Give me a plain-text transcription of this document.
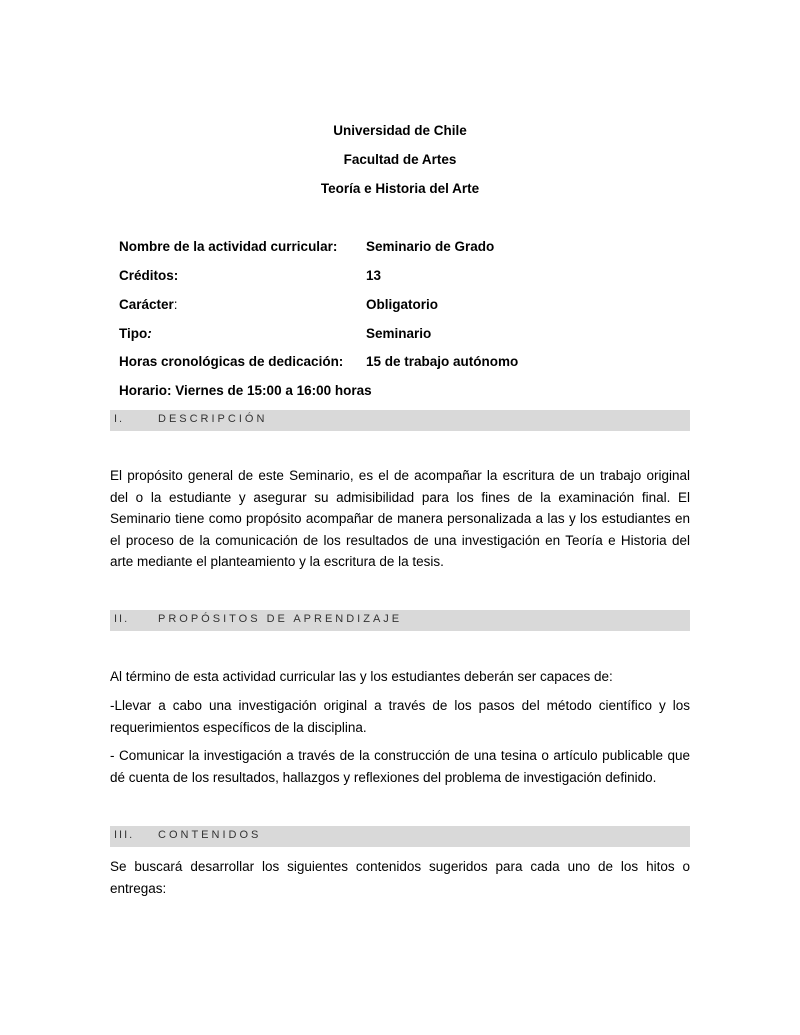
Universidad de Chile
Facultad de Artes
Teoría e Historia del Arte
Nombre de la actividad curricular: Seminario de Grado
Créditos:	13
Carácter:	Obligatorio
Tipo:	Seminario
Horas cronológicas de dedicación: 15 de trabajo autónomo
Horario: Viernes de 15:00 a 16:00 horas
I.	DESCRIPCIÓN
El propósito general de este Seminario, es el de acompañar la escritura de un trabajo original del o la estudiante y asegurar su admisibilidad para los fines de la examinación final. El Seminario tiene como propósito acompañar de manera personalizada a las y los estudiantes en el proceso de la comunicación de los resultados de una investigación en Teoría e Historia del arte mediante el planteamiento y la escritura de la tesis.
II.	PROPÓSITOS DE APRENDIZAJE
Al término de esta actividad curricular las y los estudiantes deberán ser capaces de:
-Llevar a cabo una investigación original a través de los pasos del método científico y los requerimientos específicos de la disciplina.
- Comunicar la investigación a través de la construcción de una tesina o artículo publicable que dé cuenta de los resultados, hallazgos y reflexiones del problema de investigación definido.
III. CONTENIDOS
Se buscará desarrollar los siguientes contenidos sugeridos para cada uno de los hitos o entregas:
